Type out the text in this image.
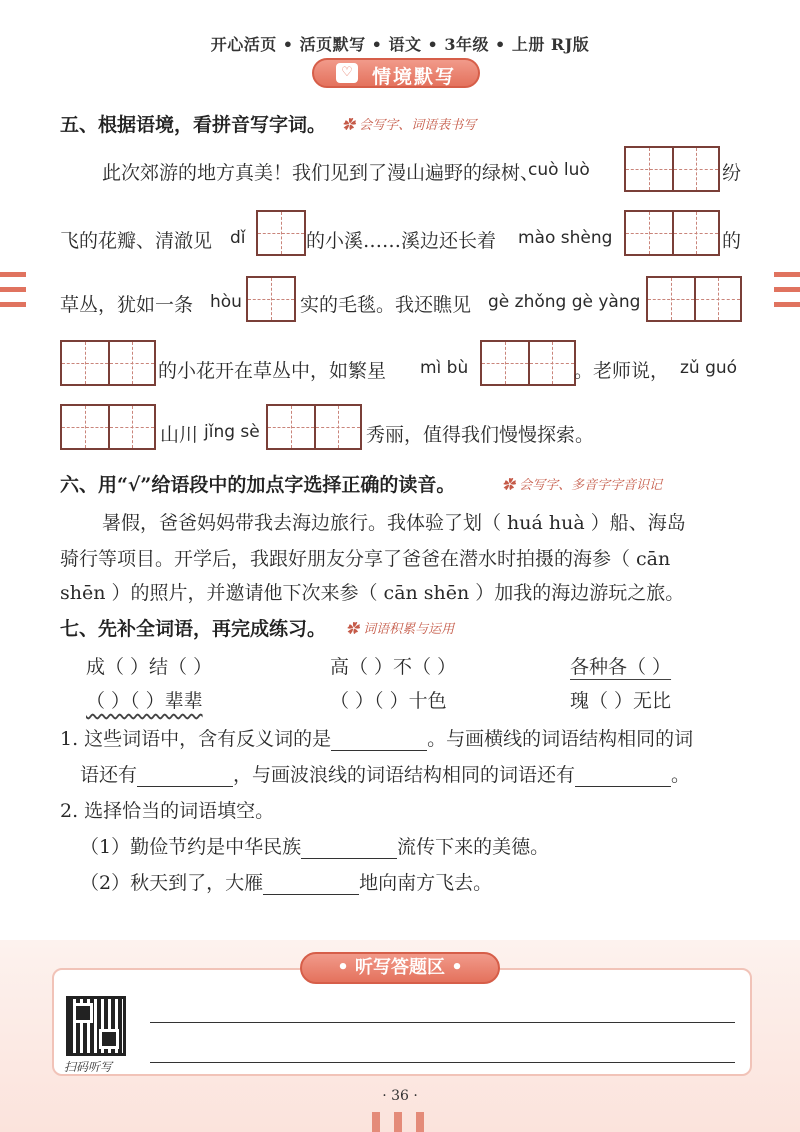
开心活页 • 活页默写 • 语文 • 3年级 • 上册 RJ版
♡ 情境默写
五、根据语境，看拼音写字词。	✿ 会写字、词语表书写
此次郊游的地方真美！我们见到了漫山遍野的绿树、
cuò luò	纷
飞的花瓣、清澈见 dǐ	的小溪……溪边还长着 mào shèng	的
草丛，犹如一条 hòu	实的毛毯。我还瞧见 gè zhǒng gè yàng
的小花开在草丛中，如繁星 mì bù	。老师说， zǔ guó
山川 jǐng sè	秀丽，值得我们慢慢探索。
六、用“√”给语段中的加点字选择正确的读音。	✿ 会写字、多音字字音识记
暑假，爸爸妈妈带我去海边旅行。我体验了划（ huá huà ）船、海岛
骑行等项目。开学后，我跟好朋友分享了爸爸在潜水时拍摄的海参（ cān
shēn ）的照片，并邀请他下次来参（ cān shēn ）加我的海边游玩之旅。
七、先补全词语，再完成练习。	✿ 词语积累与运用
成（ ）结（ ）	高（ ）不（ ）	各种各（ ）
（ ）（ ）辈辈	（ ）（ ）十色	瑰（ ）无比
1. 这些词语中，含有反义词的是	。与画横线的词语结构相同的词
语还有	，与画波浪线的词语结构相同的词语还有	。
2. 选择恰当的词语填空。
（1）勤俭节约是中华民族	流传下来的美德。
（2）秋天到了，大雁	地向南方飞去。
• 听写答题区 •
扫码听写
· 36 ·
